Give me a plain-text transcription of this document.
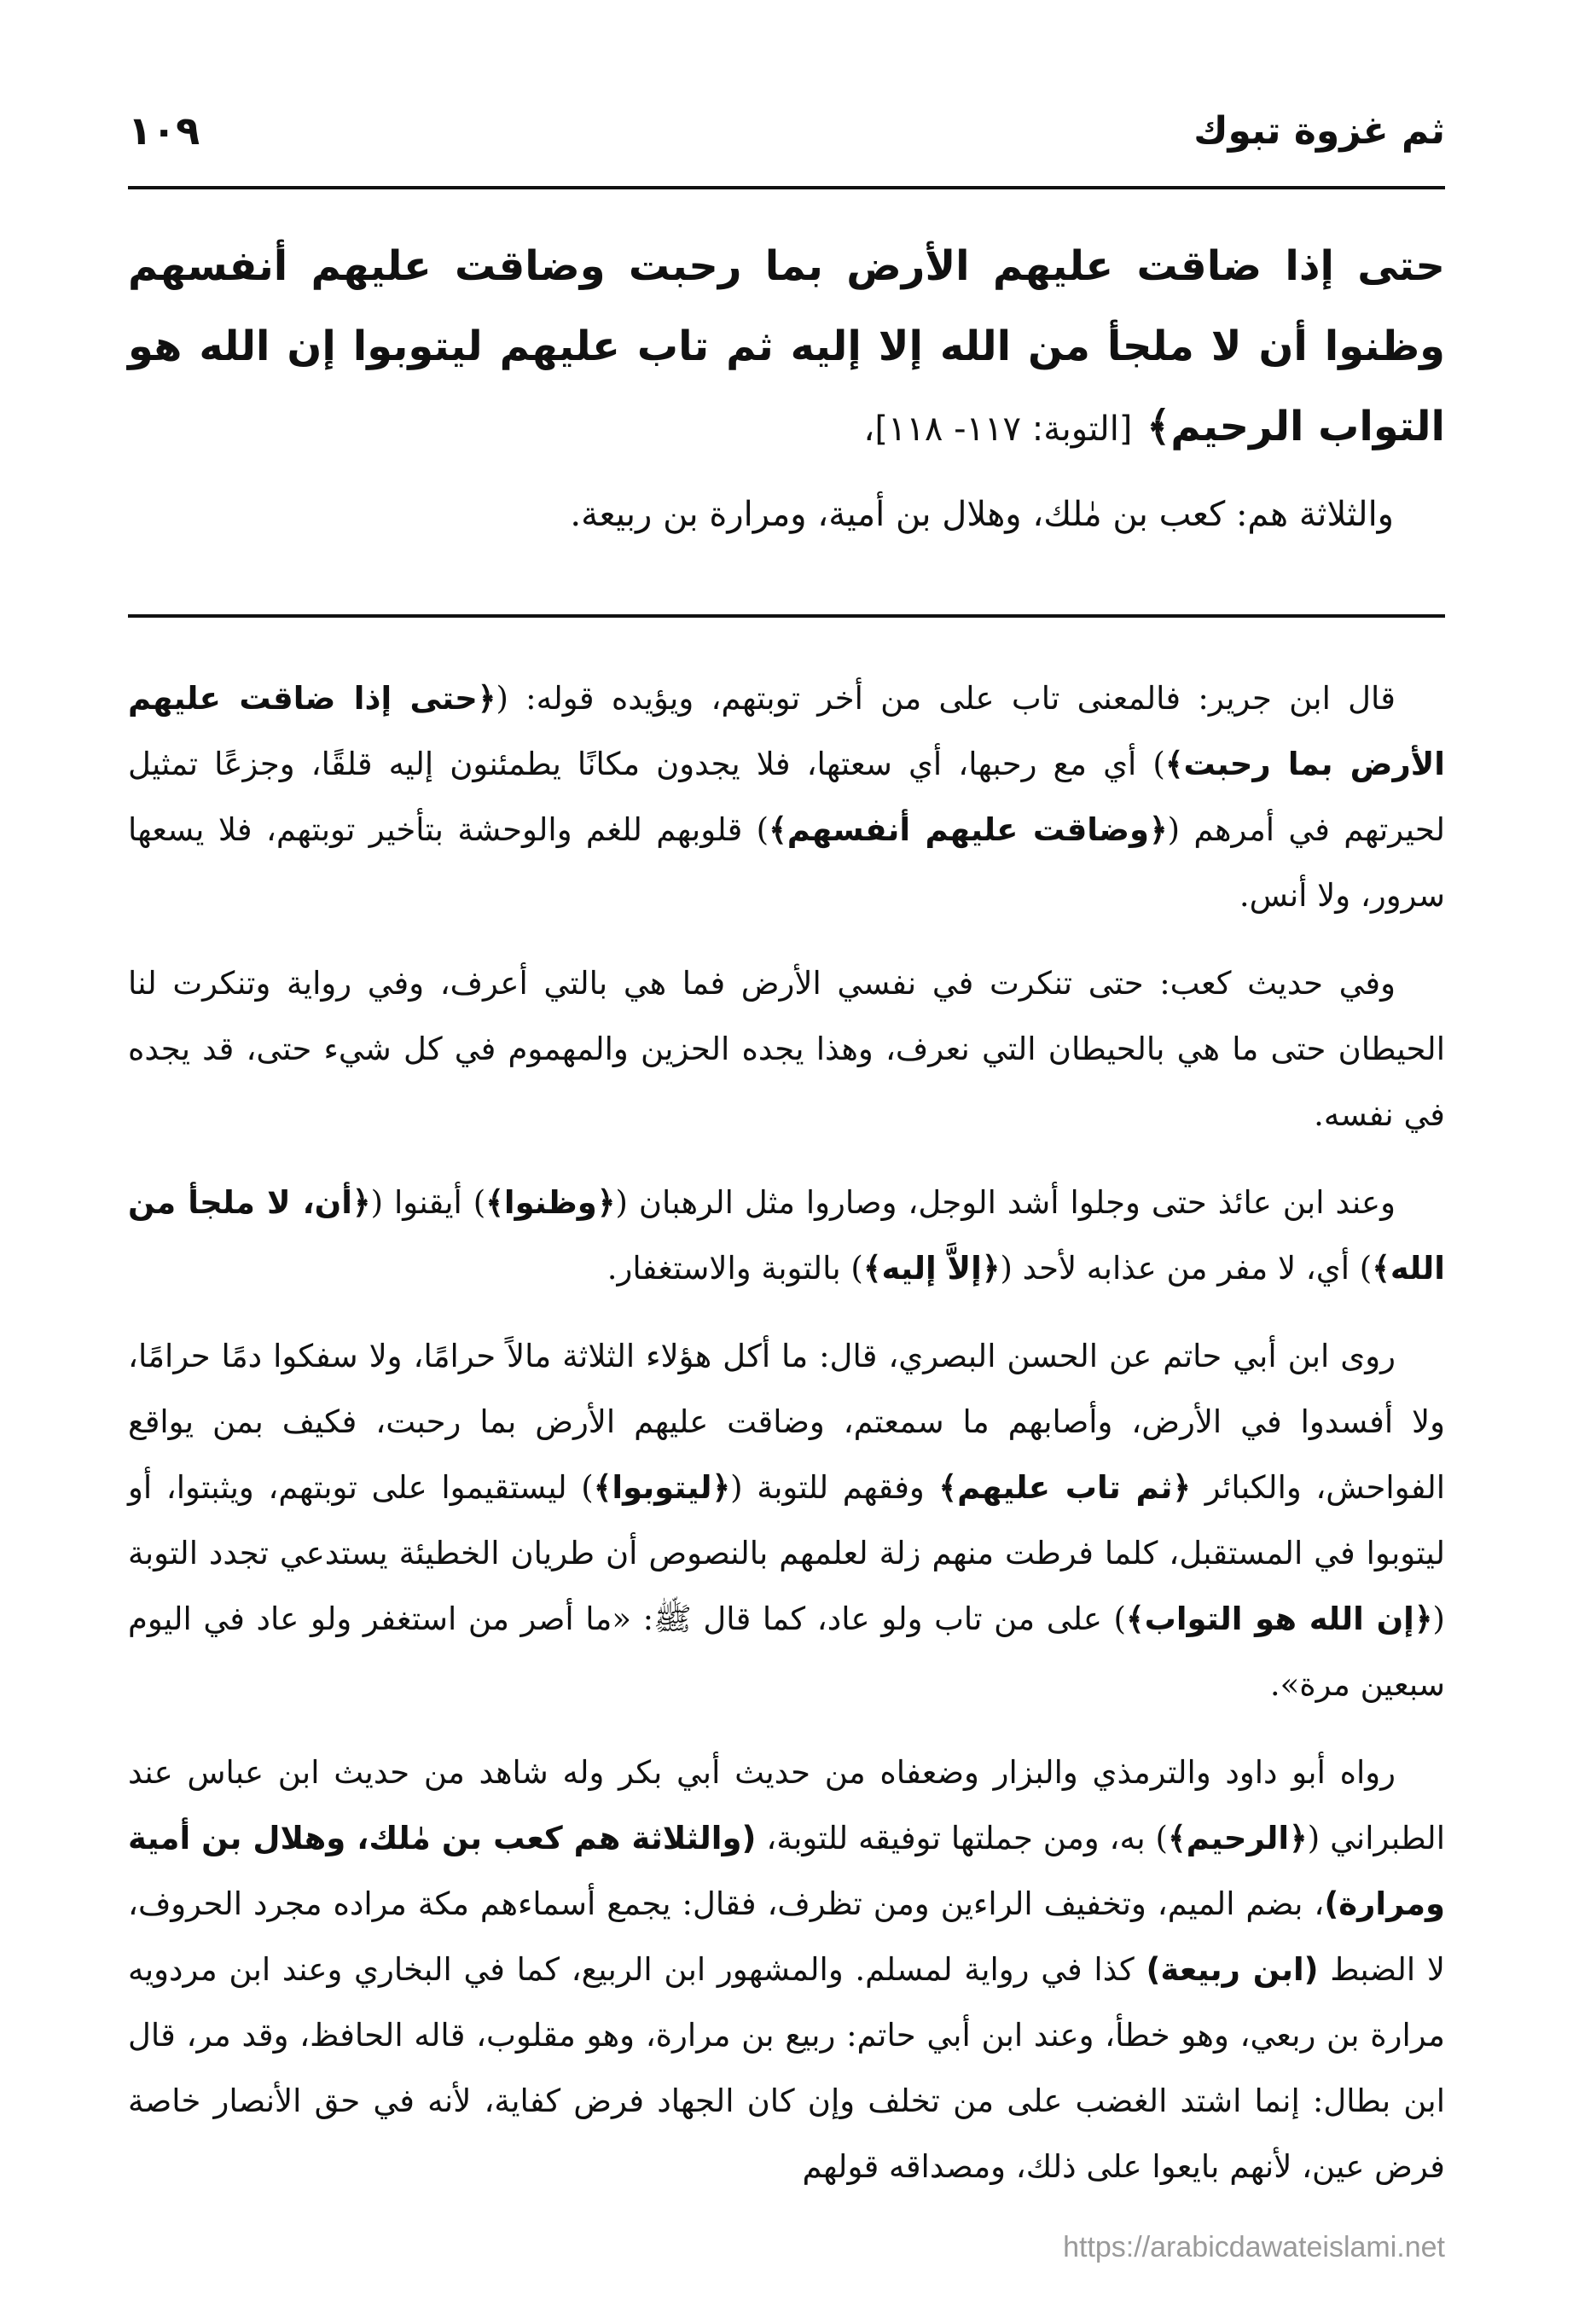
ثم غزوة تبوك
١٠٩
حتى إذا ضاقت عليهم الأرض بما رحبت وضاقت عليهم أنفسهم وظنوا أن لا ملجأ من الله إلا إليه ثم تاب عليهم ليتوبوا إن الله هو التواب الرحيم﴾ [التوبة: ١١٧- ١١٨]،
والثلاثة هم: كعب بن مٰلك، وهلال بن أمية، ومرارة بن ربيعة.

قال ابن جرير: فالمعنى تاب على من أخر توبتهم، ويؤيده قوله: (﴿حتى إذا ضاقت عليهم الأرض بما رحبت﴾) أي مع رحبها، أي سعتها، فلا يجدون مكانًا يطمئنون إليه قلقًا، وجزعًا تمثيل لحيرتهم في أمرهم (﴿وضاقت عليهم أنفسهم﴾) قلوبهم للغم والوحشة بتأخير توبتهم، فلا يسعها سرور، ولا أنس.

وفي حديث كعب: حتى تنكرت في نفسي الأرض فما هي بالتي أعرف، وفي رواية وتنكرت لنا الحيطان حتى ما هي بالحيطان التي نعرف، وهذا يجده الحزين والمهموم في كل شيء حتى، قد يجده في نفسه.

وعند ابن عائذ حتى وجلوا أشد الوجل، وصاروا مثل الرهبان (﴿وظنوا﴾) أيقنوا (﴿أن، لا ملجأ من الله﴾) أي، لا مفر من عذابه لأحد (﴿إلاَّ إليه﴾) بالتوبة والاستغفار.

روى ابن أبي حاتم عن الحسن البصري، قال: ما أكل هؤلاء الثلاثة مالاً حرامًا، ولا سفكوا دمًا حرامًا، ولا أفسدوا في الأرض، وأصابهم ما سمعتم، وضاقت عليهم الأرض بما رحبت، فكيف بمن يواقع الفواحش، والكبائر ﴿ثم تاب عليهم﴾ وفقهم للتوبة (﴿ليتوبوا﴾) ليستقيموا على توبتهم، ويثبتوا، أو ليتوبوا في المستقبل، كلما فرطت منهم زلة لعلمهم بالنصوص أن طريان الخطيئة يستدعي تجدد التوبة (﴿إن الله هو التواب﴾) على من تاب ولو عاد، كما قال ﷺ: «ما أصر من استغفر ولو عاد في اليوم سبعين مرة».

رواه أبو داود والترمذي والبزار وضعفاه من حديث أبي بكر وله شاهد من حديث ابن عباس عند الطبراني (﴿الرحيم﴾) به، ومن جملتها توفيقه للتوبة، (والثلاثة هم كعب بن مٰلك، وهلال بن أمية ومرارة)، بضم الميم، وتخفيف الراءين ومن تظرف، فقال: يجمع أسماءهم مكة مراده مجرد الحروف، لا الضبط (ابن ربيعة) كذا في رواية لمسلم. والمشهور ابن الربيع، كما في البخاري وعند ابن مردويه مرارة بن ربعي، وهو خطأ، وعند ابن أبي حاتم: ربيع بن مرارة، وهو مقلوب، قاله الحافظ، وقد مر، قال ابن بطال: إنما اشتد الغضب على من تخلف وإن كان الجهاد فرض كفاية، لأنه في حق الأنصار خاصة فرض عين، لأنهم بايعوا على ذلك، ومصداقه قولهم

https://arabicdawateislami.net
